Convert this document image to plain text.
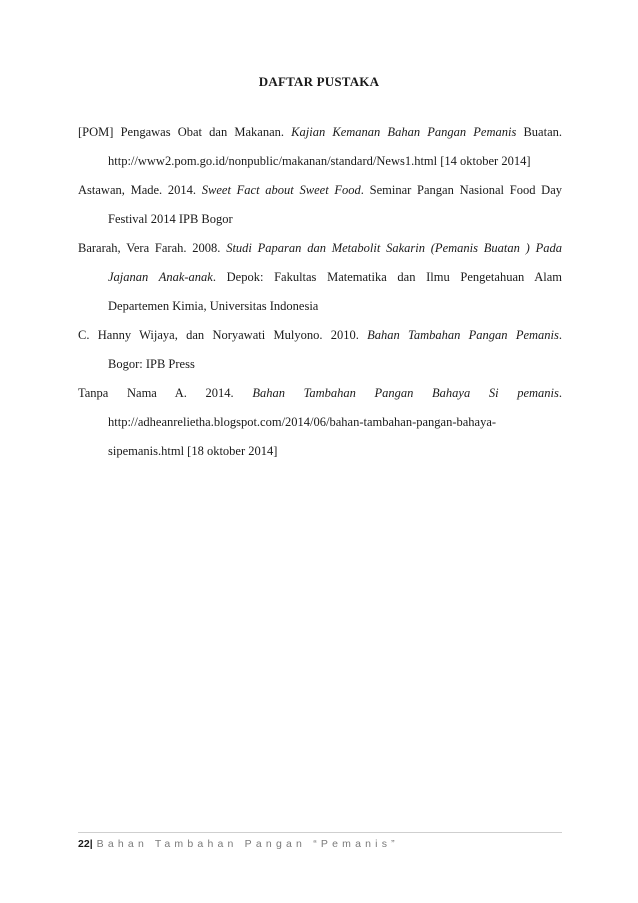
DAFTAR PUSTAKA
[POM] Pengawas Obat dan Makanan. Kajian Kemanan Bahan Pangan Pemanis Buatan.
http://www2.pom.go.id/nonpublic/makanan/standard/News1.html [14 oktober 2014]
Astawan, Made. 2014. Sweet Fact about Sweet Food. Seminar Pangan Nasional Food Day
Festival 2014 IPB Bogor
Bararah, Vera Farah. 2008. Studi Paparan dan Metabolit Sakarin (Pemanis Buatan ) Pada
Jajanan Anak-anak. Depok: Fakultas Matematika dan Ilmu Pengetahuan Alam
Departemen Kimia, Universitas Indonesia
C. Hanny Wijaya, dan Noryawati Mulyono. 2010. Bahan Tambahan Pangan Pemanis.
Bogor: IPB Press
Tanpa Nama A. 2014. Bahan Tambahan Pangan Bahaya Si pemanis.
http://adheanrelietha.blogspot.com/2014/06/bahan-tambahan-pangan-bahaya-
sipemanis.html [18 oktober 2014]
22| Bahan Tambahan Pangan “Pemanis”
